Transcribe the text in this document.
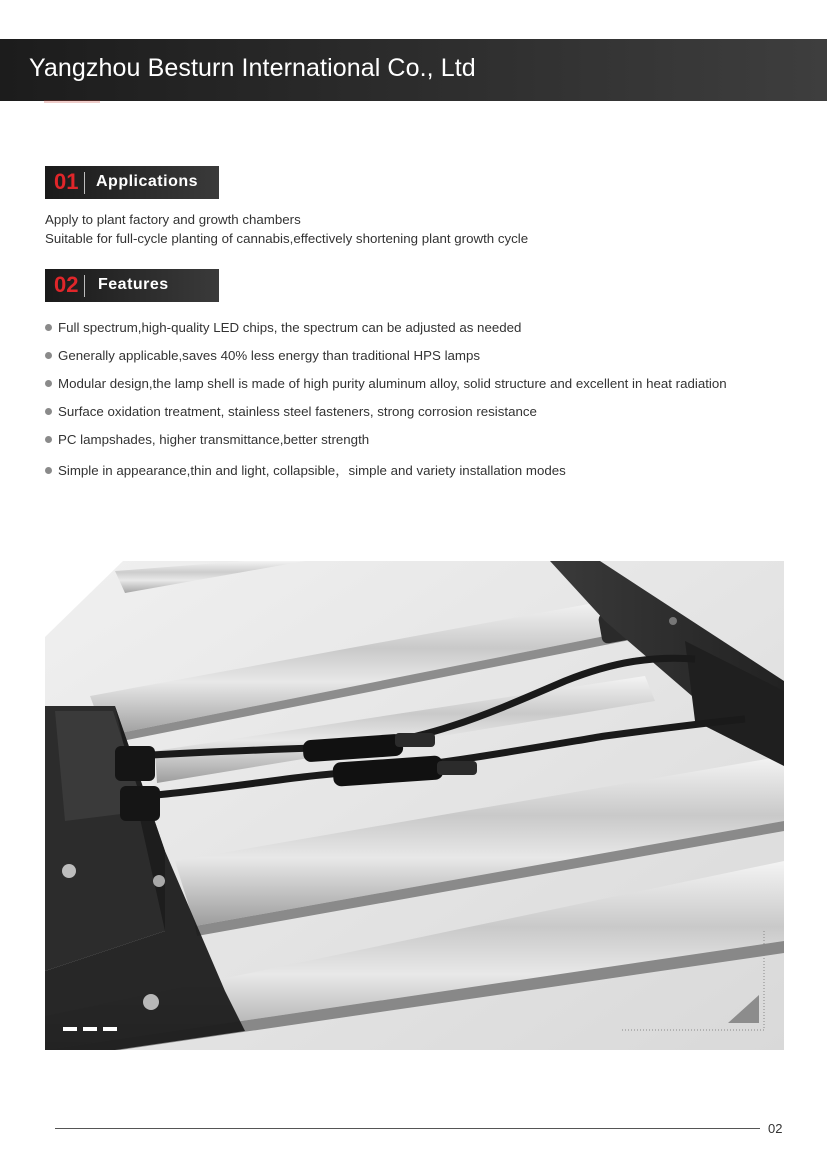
Yangzhou Besturn International Co., Ltd
01 Applications
Apply to plant factory and growth chambers
Suitable for full-cycle planting of cannabis,effectively shortening plant growth cycle
02 Features
Full spectrum,high-quality LED chips, the spectrum can be adjusted as needed
Generally applicable,saves 40% less energy than traditional HPS lamps
Modular design,the lamp shell is made of high purity aluminum alloy, solid structure and excellent in heat radiation
Surface oxidation treatment, stainless steel fasteners, strong corrosion resistance
PC lampshades, higher transmittance,better strength
Simple in appearance,thin and light, collapsible，simple and variety installation modes
02
